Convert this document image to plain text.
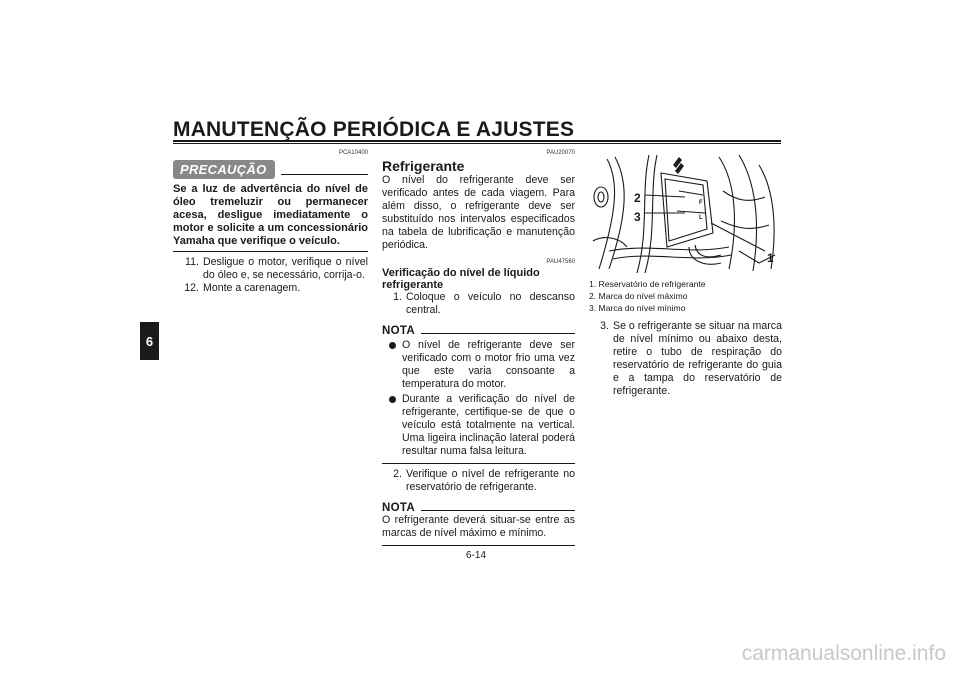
MANUTENÇÃO PERIÓDICA E AJUSTES
6
PCA10400
PRECAUÇÃO
Se a luz de advertência do nível de óleo tremeluzir ou permanecer acesa, desligue imediatamente o motor e solicite a um concessionário Yamaha que verifique o veículo.
11. Desligue o motor, verifique o nível do óleo e, se necessário, corrija-o.
12. Monte a carenagem.
PAU20070
Refrigerante
O nível do refrigerante deve ser verificado antes de cada viagem. Para além disso, o refrigerante deve ser substituído nos intervalos especificados na tabela de lubrificação e manutenção periódica.
PAU47560
Verificação do nível de líquido refrigerante
1. Coloque o veículo no descanso central.
NOTA
O nível de refrigerante deve ser verificado com o motor frio uma vez que este varia consoante a temperatura do motor.
Durante a verificação do nível de refrigerante, certifique-se de que o veículo está totalmente na vertical. Uma ligeira inclinação lateral poderá resultar numa falsa leitura.
2. Verifique o nível de refrigerante no reservatório de refrigerante.
NOTA
O refrigerante deverá situar-se entre as marcas de nível máximo e mínimo.
2
3
1
F
L
1. Reservatório de refrigerante
2. Marca do nível máximo
3. Marca do nível mínimo
3. Se o refrigerante se situar na marca de nível mínimo ou abaixo desta, retire o tubo de respiração do reservatório de refrigerante do guia e a tampa do reservatório de refrigerante.
6-14
carmanualsonline.info
